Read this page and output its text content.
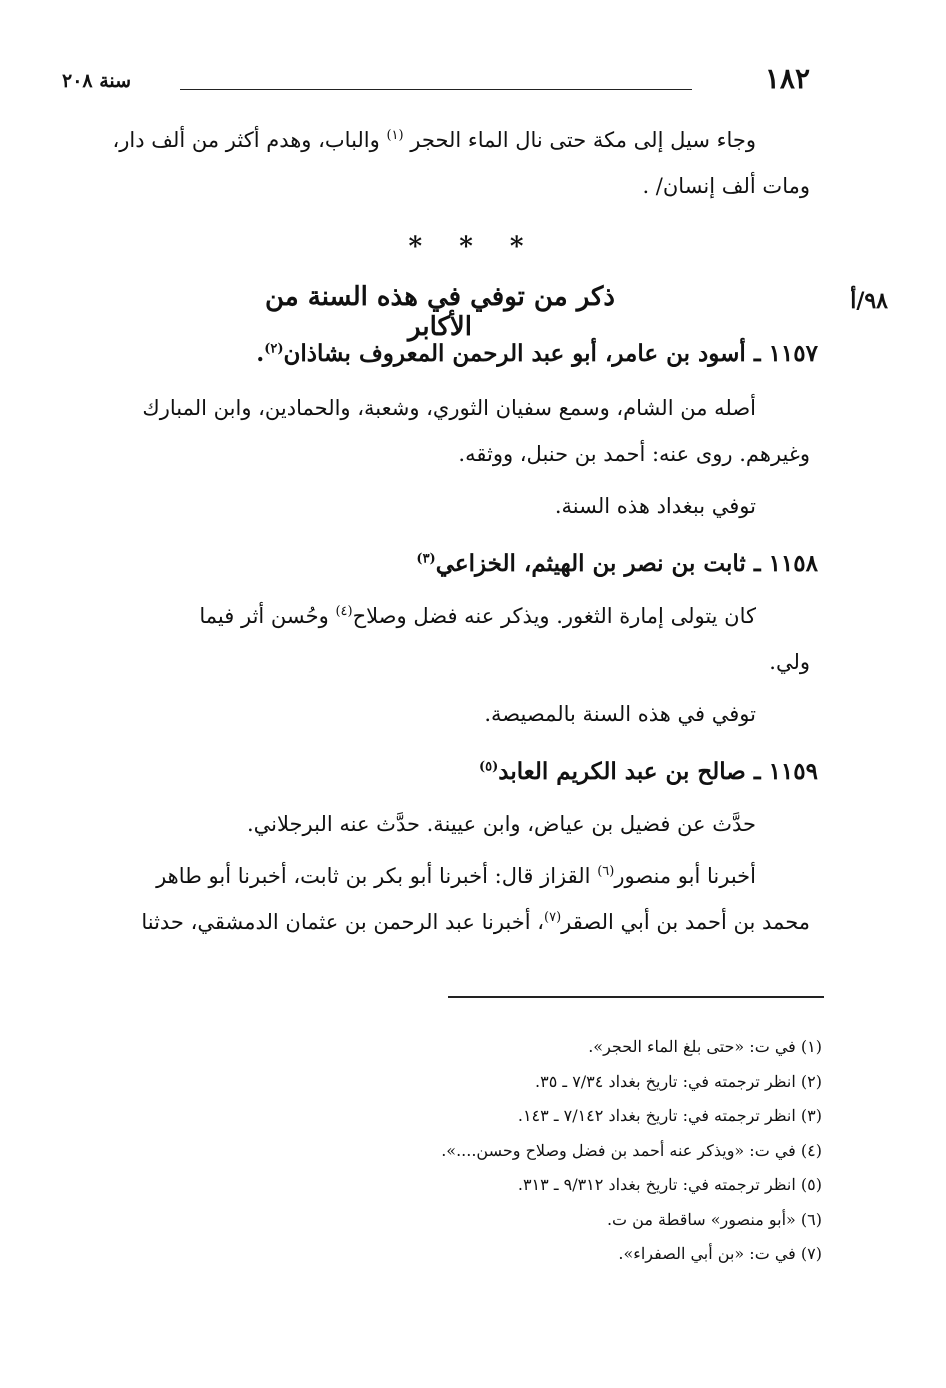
١٨٢
سنة ٢٠٨
وجاء سيل إلى مكة حتى نال الماء الحجر $^{(١)}$ والباب، وهدم أكثر من ألف دار،
ومات ألف إنسان/ .
* * *
ذكر من توفي في هذه السنة من الأكابر
٩٨/أ
١١٥٧ ـ أسود بن عامر، أبو عبد الرحمن المعروف بشاذان$^{(٢)}$.
أصله من الشام، وسمع سفيان الثوري، وشعبة، والحمادين، وابن المبارك
وغيرهم. روى عنه: أحمد بن حنبل، ووثقه.
توفي ببغداد هذه السنة.
١١٥٨ ـ ثابت بن نصر بن الهيثم، الخزاعي$^{(٣)}$
كان يتولى إمارة الثغور. ويذكر عنه فضل وصلاح$^{(٤)}$ وحُسن أثر فيما
ولي.
توفي في هذه السنة بالمصيصة.
١١٥٩ ـ صالح بن عبد الكريم العابد$^{(٥)}$
حدَّث عن فضيل بن عياض، وابن عيينة. حدَّث عنه البرجلاني.
أخبرنا أبو منصور$^{(٦)}$ القزاز قال: أخبرنا أبو بكر بن ثابت، أخبرنا أبو طاهر
محمد بن أحمد بن أبي الصقر$^{(٧)}$، أخبرنا عبد الرحمن بن عثمان الدمشقي، حدثنا
(١) في ت: «حتى بلغ الماء الحجر».
(٢) انظر ترجمته في: تاريخ بغداد ٧/٣٤ ـ ٣٥.
(٣) انظر ترجمته في: تاريخ بغداد ٧/١٤٢ ـ ١٤٣.
(٤) في ت: «ويذكر عنه أحمد بن فضل وصلاح وحسن....».
(٥) انظر ترجمته في: تاريخ بغداد ٩/٣١٢ ـ ٣١٣.
(٦) «أبو منصور» ساقطة من ت.
(٧) في ت: «بن أبي الصفراء».
